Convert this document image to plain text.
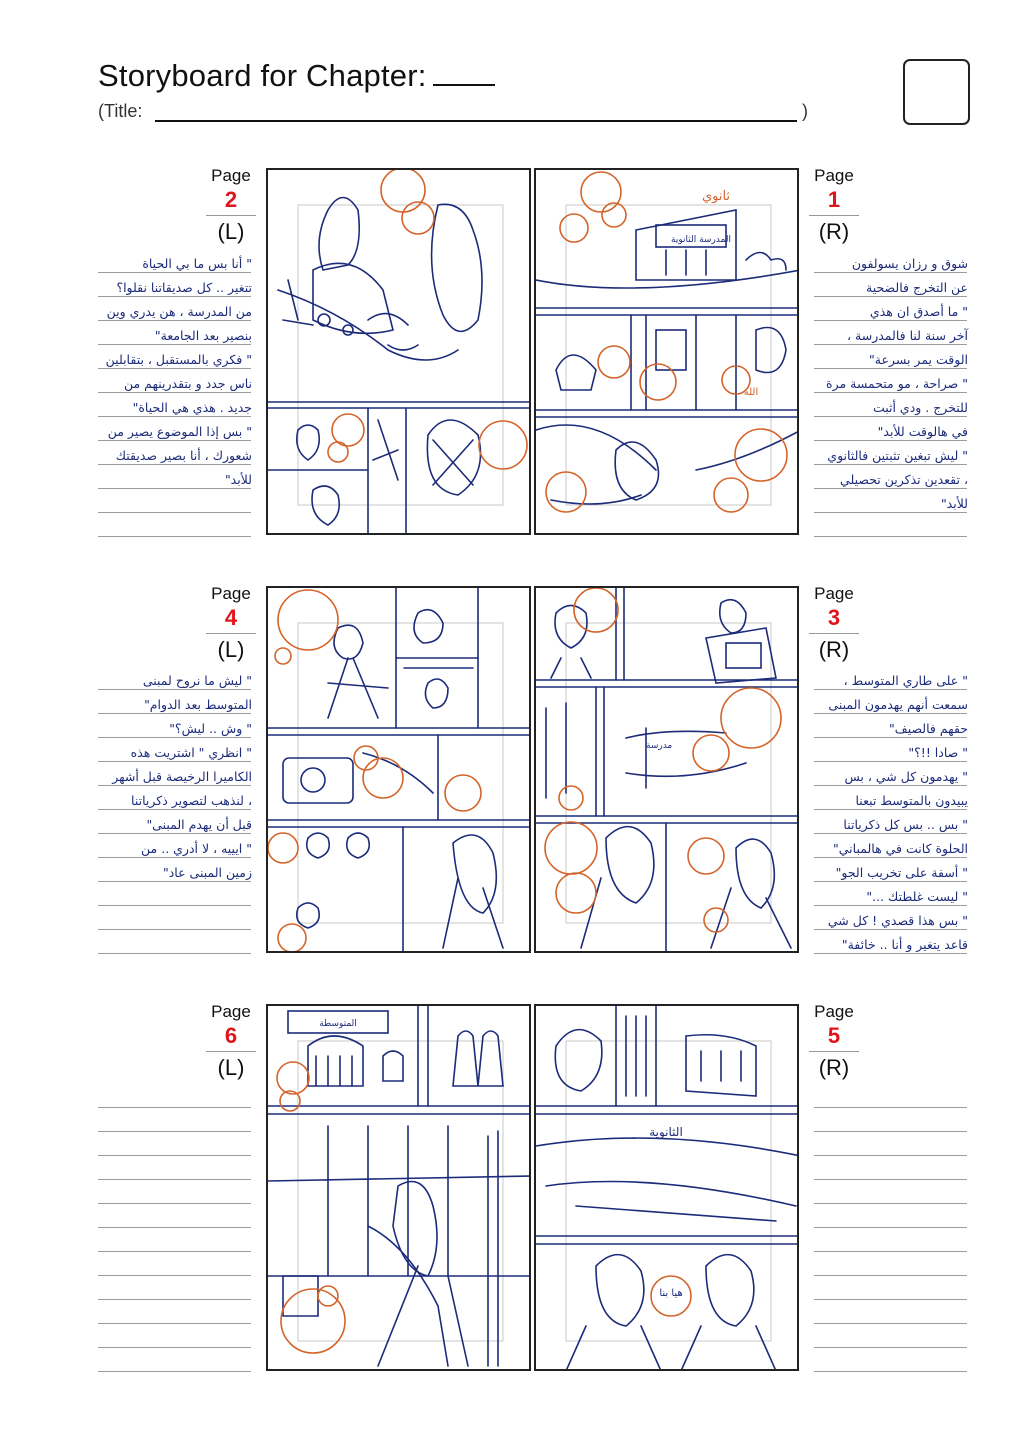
Storyboard for Chapter:
(Title:	)
Page
2
(L)
Page
1
(R)
" أنا بس ما بي الحياة
تتغير .. كل صديقاتنا نقلوا؟
من المدرسة ، هن يدري وين
بنصير بعد الجامعة"
" فكري بالمستقبل ، بتقابلين
ناس جدد و بتقدرينهم من
جديد . هذي هي الحياة"
" بس إذا الموضوع يصير من
شعورك ، أنا بصير صديقتك
للأبد"
شوق و رزان يسولفون
عن التخرج فالضحية
" ما أصدق ان هذي
آخر سنة لنا فالمدرسة ،
الوقت يمر بسرعة"
" صراحة ، مو متحمسة مرة
للتخرج . ودي أثبت
في هالوقت للأبد"
" ليش تبغين تثبتين فالثانوي
، تقعدين تذكرين تحصيلي
للأبد"
المدرسة الثانوية
ثانوي
الله
Page
4
(L)
Page
3
(R)
" ليش ما نروح لمبنى
المتوسط بعد الدوام"
" وش .. ليش؟"
" انظري " اشتريت هذه
الكاميرا الرخيصة قبل أشهر
، لنذهب لتصوير ذكرياتنا
قبل أن يهدم المبنى"
" ايييه ، لا أدري .. من
زمين المبنى عاد"
" على طاري المتوسط ،
سمعت أنهم يهدمون المبنى
حقهم فالصيف"
" صادا !!؟"
" يهدمون كل شي ، بس
يبيدون بالمتوسط تبعنا
" بس .. بس كل ذكرياتنا
الحلوة كانت في هالمباني"
" أسفة على تخريب الجو"
" ليست غلطتك ..."
" بس هذا قصدي ! كل شي
قاعد يتغير و أنا .. خائفة"
مدرسة
Page
6
(L)
Page
5
(R)
المتوسطة
الثانوية
هيا بنا
